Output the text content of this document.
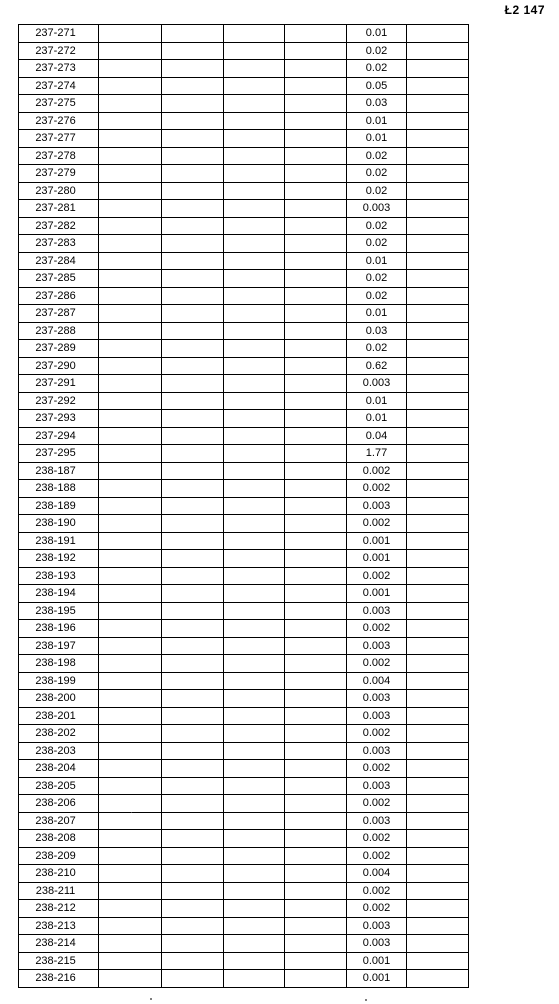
Ł2 147
237-271					0.01	
237-272					0.02	
237-273					0.02	
237-274					0.05	
237-275					0.03	
237-276					0.01	
237-277					0.01	
237-278					0.02	
237-279					0.02	
237-280					0.02	
237-281					0.003	
237-282					0.02	
237-283					0.02	
237-284					0.01	
237-285					0.02	
237-286					0.02	
237-287					0.01	
237-288					0.03	
237-289					0.02	
237-290					0.62	
237-291					0.003	
237-292					0.01	
237-293					0.01	
237-294					0.04	
237-295					1.77	
238-187					0.002	
238-188					0.002	
238-189					0.003	
238-190					0.002	
238-191					0.001	
238-192					0.001	
238-193					0.002	
238-194					0.001	
238-195					0.003	
238-196					0.002	
238-197					0.003	
238-198					0.002	
238-199					0.004	
238-200					0.003	
238-201					0.003	
238-202					0.002	
238-203					0.003	
238-204					0.002	
238-205					0.003	
238-206					0.002	
238-207					0.003	
238-208					0.002	
238-209					0.002	
238-210					0.004	
238-211					0.002	
238-212					0.002	
238-213					0.003	
238-214					0.003	
238-215					0.001	
238-216					0.001	
